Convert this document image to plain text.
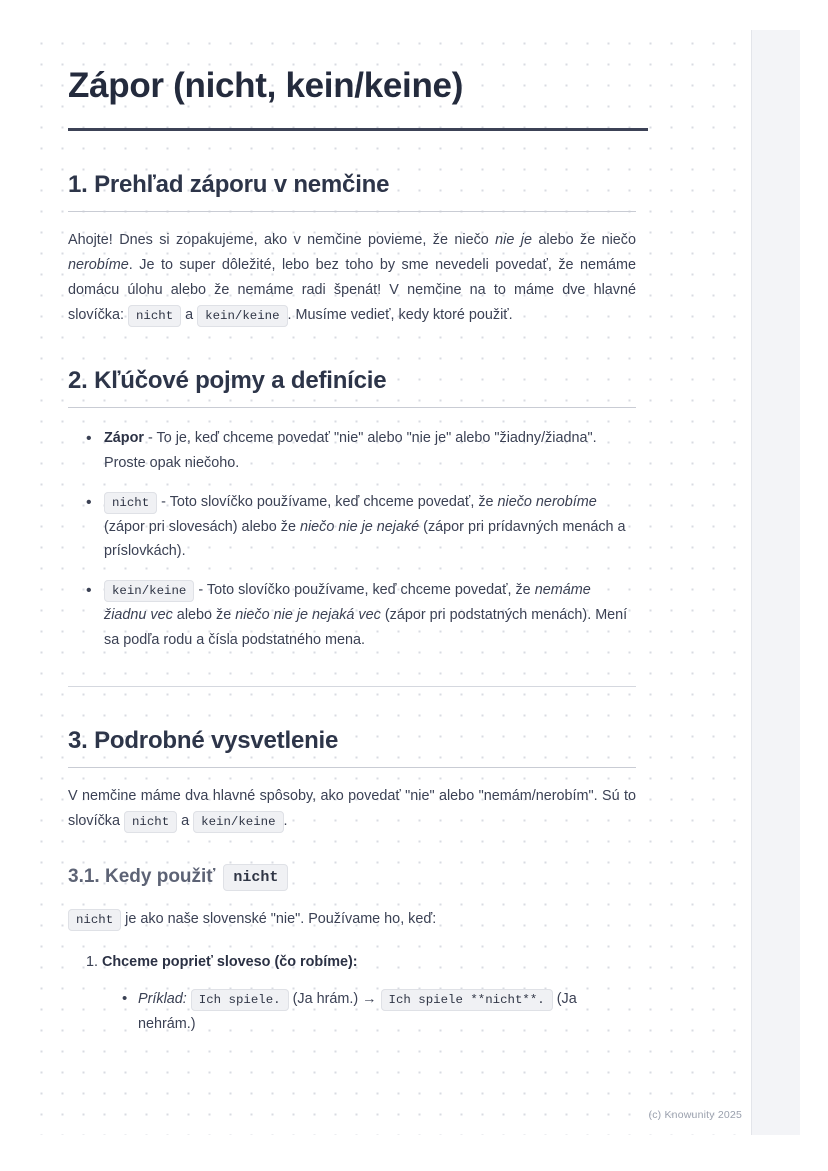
Zápor (nicht, kein/keine)
1. Prehľad záporu v nemčine

Ahojte! Dnes si zopakujeme, ako v nemčine povieme, že niečo nie je alebo že niečo nerobíme. Je to super dôležité, lebo bez toho by sme nevedeli povedať, že nemáme domácu úlohu alebo že nemáme radi špenát! V nemčine na to máme dve hlavné slovíčka: nicht a kein/keine . Musíme vedieť, kedy ktoré použiť.

2. Kľúčové pojmy a definície
• Zápor - To je, keď chceme povedať "nie" alebo "nie je" alebo "žiadny/žiadna". Proste opak niečoho.
• nicht - Toto slovíčko používame, keď chceme povedať, že niečo nerobíme (zápor pri slovesách) alebo že niečo nie je nejaké (zápor pri prídavných menách a príslovkách).
• kein/keine - Toto slovíčko používame, keď chceme povedať, že nemáme žiadnu vec alebo že niečo nie je nejaká vec (zápor pri podstatných menách). Mení sa podľa rodu a čísla podstatného mena.
3. Podrobné vysvetlenie

V nemčine máme dva hlavné spôsoby, ako povedať "nie" alebo "nemám/nerobím". Sú to slovíčka nicht a kein/keine .

3.1. Kedy použiť	nicht

nicht je ako naše slovenské "nie". Používame ho, keď:

1. Chceme poprieť sloveso (čo robíme):
• Príklad: Ich spiele. (Ja hrám.) → Ich spiele **nicht**. (Ja nehrám.)
(c) Knowunity 2025
